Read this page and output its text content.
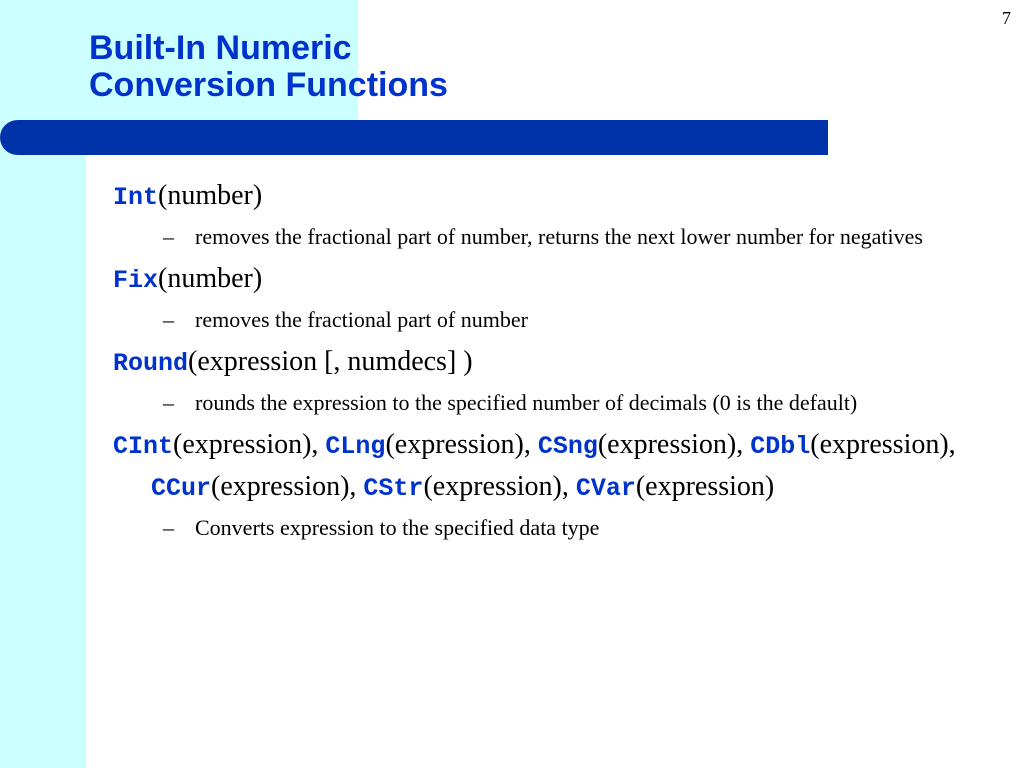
7
Built-In Numeric
Conversion Functions

Int(number)

– removes the fractional part of number, returns the next lower number for negatives

Fix(number)

– removes the fractional part of number

Round(expression [, numdecs] )

– rounds the expression to the specified number of decimals (0 is the default)

CInt(expression), CLng(expression), CSng(expression), CDbl(expression), CCur(expression), CStr(expression), CVar(expression)

– Converts expression to the specified data type
